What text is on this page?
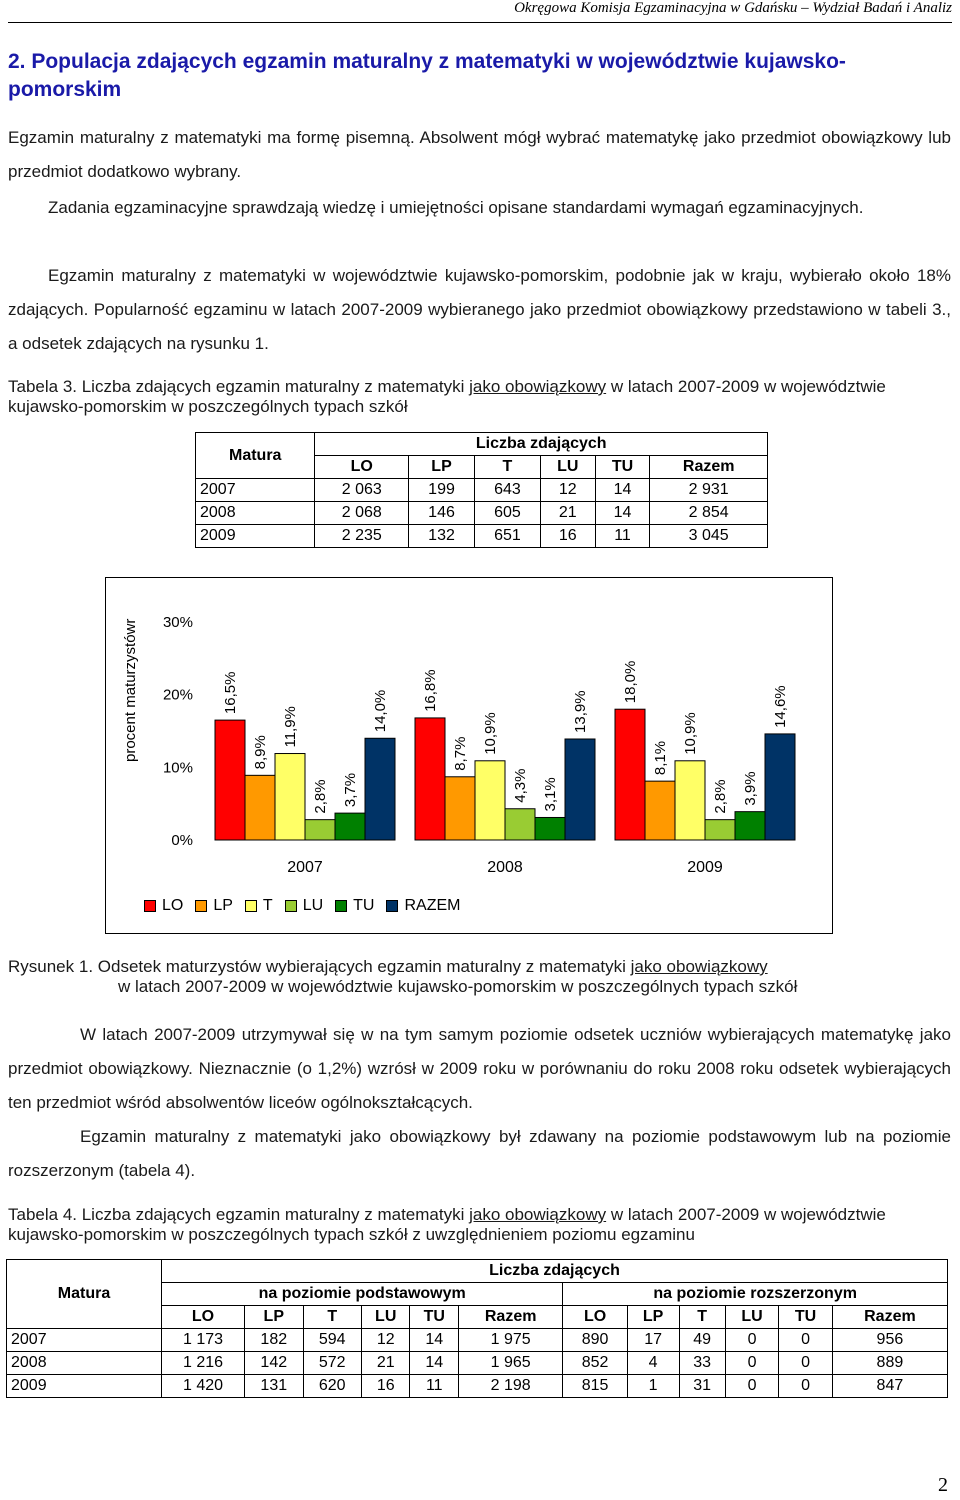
Okręgowa Komisja Egzaminacyjna w Gdańsku – Wydział Badań i Analiz
2. Populacja zdających egzamin maturalny z matematyki w województwie kujawsko-pomorskim
Egzamin maturalny z matematyki ma formę pisemną. Absolwent mógł wybrać matematykę jako przedmiot obowiązkowy lub przedmiot dodatkowo wybrany.
Zadania egzaminacyjne sprawdzają wiedzę i umiejętności opisane standardami wymagań egzaminacyjnych.
Egzamin maturalny z matematyki w województwie kujawsko-pomorskim, podobnie jak w kraju, wybierało około 18% zdających. Popularność egzaminu w latach 2007-2009 wybieranego jako przedmiot obowiązkowy przedstawiono w tabeli 3., a odsetek zdających na rysunku 1.
Tabela 3. Liczba zdających egzamin maturalny z matematyki jako obowiązkowy w latach 2007-2009 w województwie kujawsko-pomorskim w poszczególnych typach szkół
Matura	Liczba zdających					
	LO	LP	T	LU	TU	Razem
2007	2 063	199	643	12	14	2 931
2008	2 068	146	605	21	14	2 854
2009	2 235	132	651	16	11	3 045
procent maturzystówr
0%
10%
20%
30%
16,5%
8,9%
11,9%
2,8% 3,7%
14,0%
2007
16,8%
8,7% 10,9%
4,3% 3,1%
13,9%
2008
18,0%
8,1%
10,9%
2,8% 3,9%
14,6%
2009
LO LP T LU TU RAZEM
Rysunek 1. Odsetek maturzystów wybierających egzamin maturalny z matematyki jako obowiązkowy
w latach 2007-2009 w województwie kujawsko-pomorskim w poszczególnych typach szkół
W latach 2007-2009 utrzymywał się w na tym samym poziomie odsetek uczniów wybierających matematykę jako przedmiot obowiązkowy. Nieznacznie (o 1,2%) wzrósł w 2009 roku w porównaniu do roku 2008 roku odsetek wybierających ten przedmiot wśród absolwentów liceów ogólnokształcących.
Egzamin maturalny z matematyki jako obowiązkowy był zdawany na poziomie podstawowym lub na poziomie rozszerzonym (tabela 4).
Tabela 4. Liczba zdających egzamin maturalny z matematyki jako obowiązkowy w latach 2007-2009 w województwie kujawsko-pomorskim w poszczególnych typach szkół z uwzględnieniem poziomu egzaminu
Matura	Liczba zdających											
	na poziomie podstawowym						na poziomie rozszerzonym					
	LO	LP	T	LU	TU	Razem	LO	LP	T	LU	TU	Razem
2007	1 173	182	594	12	14	1 975	890	17	49	0	0	956
2008	1 216	142	572	21	14	1 965	852	4	33	0	0	889
2009	1 420	131	620	16	11	2 198	815	1	31	0	0	847
2
